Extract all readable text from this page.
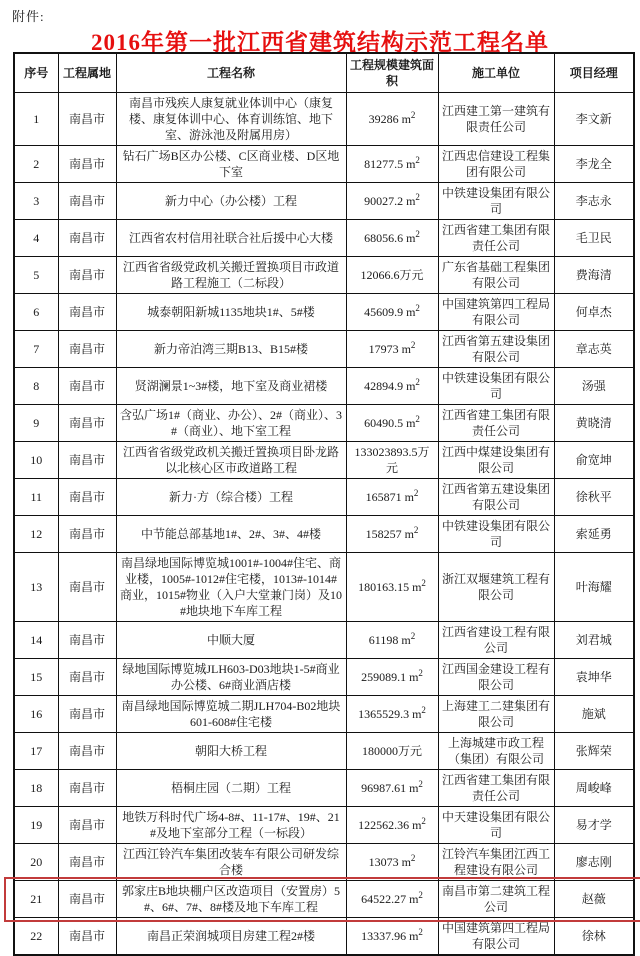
附件:
2016年第一批江西省建筑结构示范工程名单
序号	工程属地	工程名称	工程规模建筑面积	施工单位	项目经理
1	南昌市	南昌市残疾人康复就业体训中心（康复楼、康复体训中心、体育训练馆、地下室、游泳池及附属用房）	39286 $m^2$	江西建工第一建筑有限责任公司	李文新
2	南昌市	钻石广场B区办公楼、C区商业楼、D区地下室	81277.5 $m^2$	江西忠信建设工程集团有限公司	李龙全
3	南昌市	新力中心（办公楼）工程	90027.2 $m^2$	中铁建设集团有限公司	李志永
4	南昌市	江西省农村信用社联合社后援中心大楼	68056.6 $m^2$	江西省建工集团有限责任公司	毛卫民
5	南昌市	江西省省级党政机关搬迁置换项目市政道路工程施工（二标段）	12066.6万元	广东省基础工程集团有限公司	费海清
6	南昌市	城泰朝阳新城1135地块1#、5#楼	45609.9 $m^2$	中国建筑第四工程局有限公司	何卓杰
7	南昌市	新力帝泊湾三期B13、B15#楼	17973 $m^2$	江西省第五建设集团有限公司	章志英
8	南昌市	贤湖澜景1~3#楼，地下室及商业裙楼	42894.9 $m^2$	中铁建设集团有限公司	汤强
9	南昌市	含弘广场1#（商业、办公）、2#（商业）、3#（商业）、地下室工程	60490.5 $m^2$	江西省建工集团有限责任公司	黄晓清
10	南昌市	江西省省级党政机关搬迁置换项目卧龙路以北核心区市政道路工程	133023893.5万元	江西中煤建设集团有限公司	俞宽坤
11	南昌市	新力·方（综合楼）工程	165871 $m^2$	江西省第五建设集团有限公司	徐秋平
12	南昌市	中节能总部基地1#、2#、3#、4#楼	158257 $m^2$	中铁建设集团有限公司	索延勇
13	南昌市	南昌绿地国际博览城1001#-1004#住宅、商业楼，1005#-1012#住宅楼，1013#-1014#商业，1015#物业（入户大堂兼门岗）及10#地块地下车库工程	180163.15 $m^2$	浙江双堰建筑工程有限公司	叶海耀
14	南昌市	中顺大厦	61198 $m^2$	江西省建设工程有限公司	刘君城
15	南昌市	绿地国际博览城JLH603-D03地块1-5#商业办公楼、6#商业酒店楼	259089.1 $m^2$	江西国金建设工程有限公司	袁坤华
16	南昌市	南昌绿地国际博览城二期JLH704-B02地块601-608#住宅楼	1365529.3 $m^2$	上海建工二建集团有限公司	施斌
17	南昌市	朝阳大桥工程	180000万元	上海城建市政工程（集团）有限公司	张辉荣
18	南昌市	梧桐庄园（二期）工程	96987.61 $m^2$	江西省建工集团有限责任公司	周峻峰
19	南昌市	地铁万科时代广场4-8#、11-17#、19#、21#及地下室部分工程（一标段）	122562.36 $m^2$	中天建设集团有限公司	易才学
20	南昌市	江西江铃汽车集团改装车有限公司研发综合楼	13073 $m^2$	江铃汽车集团江西工程建设有限公司	廖志刚
21	南昌市	郭家庄B地块棚户区改造项目（安置房）5#、6#、7#、8#楼及地下车库工程	64522.27 $m^2$	南昌市第二建筑工程公司	赵薇
22	南昌市	南昌正荣润城项目房建工程2#楼	13337.96 $m^2$	中国建筑第四工程局有限公司	徐林
